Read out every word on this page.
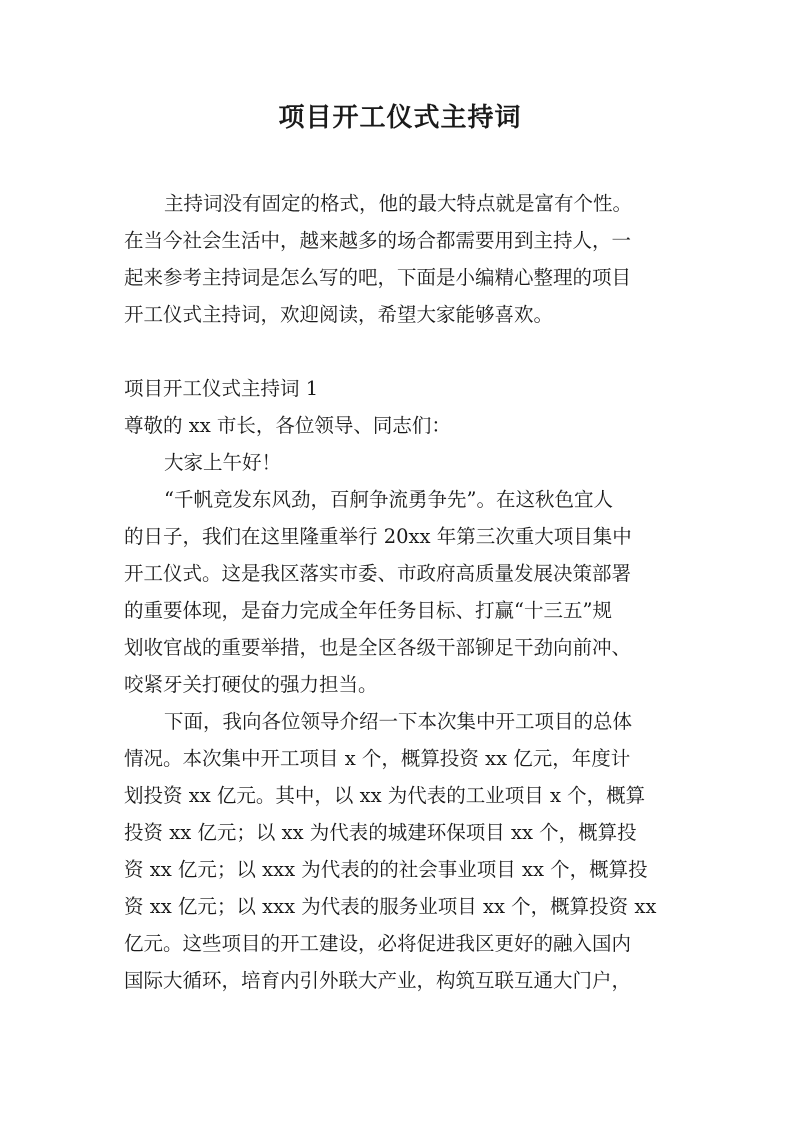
项目开工仪式主持词
主持词没有固定的格式，他的最大特点就是富有个性。
在当今社会生活中，越来越多的场合都需要用到主持人，一
起来参考主持词是怎么写的吧，下面是小编精心整理的项目
开工仪式主持词，欢迎阅读，希望大家能够喜欢。
项目开工仪式主持词 1
尊敬的 xx 市长，各位领导、同志们：
大家上午好！
“千帆竞发东风劲，百舸争流勇争先”。在这秋色宜人
的日子，我们在这里隆重举行 20xx 年第三次重大项目集中
开工仪式。这是我区落实市委、市政府高质量发展决策部署
的重要体现，是奋力完成全年任务目标、打赢“十三五”规
划收官战的重要举措，也是全区各级干部铆足干劲向前冲、
咬紧牙关打硬仗的强力担当。
下面，我向各位领导介绍一下本次集中开工项目的总体
情况。本次集中开工项目 x 个，概算投资 xx 亿元，年度计
划投资 xx 亿元。其中，以 xx 为代表的工业项目 x 个，概算
投资 xx 亿元；以 xx 为代表的城建环保项目 xx 个，概算投
资 xx 亿元；以 xxx 为代表的的社会事业项目 xx 个，概算投
资 xx 亿元；以 xxx 为代表的服务业项目 xx 个，概算投资 xx
亿元。这些项目的开工建设，必将促进我区更好的融入国内
国际大循环，培育内引外联大产业，构筑互联互通大门户，
